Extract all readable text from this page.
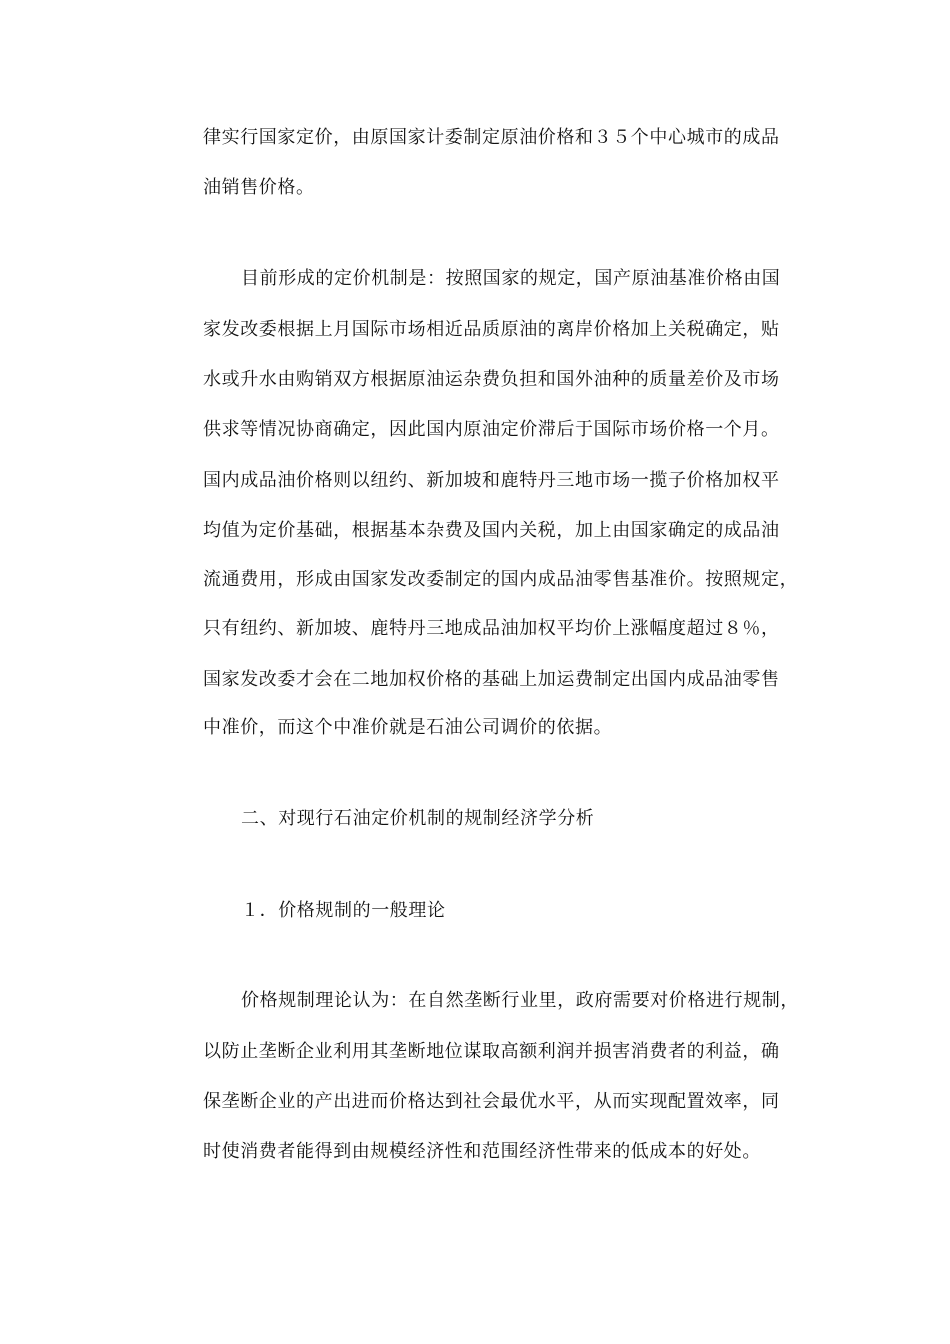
律实行国家定价，由原国家计委制定原油价格和３５个中心城市的成品
油销售价格。
目前形成的定价机制是：按照国家的规定，国产原油基准价格由国
家发改委根据上月国际市场相近品质原油的离岸价格加上关税确定，贴
水或升水由购销双方根据原油运杂费负担和国外油种的质量差价及市场
供求等情况协商确定，因此国内原油定价滞后于国际市场价格一个月。
国内成品油价格则以纽约、新加坡和鹿特丹三地市场一揽子价格加权平
均值为定价基础，根据基本杂费及国内关税，加上由国家确定的成品油
流通费用，形成由国家发改委制定的国内成品油零售基准价。按照规定，
只有纽约、新加坡、鹿特丹三地成品油加权平均价上涨幅度超过８％，
国家发改委才会在二地加权价格的基础上加运费制定出国内成品油零售
中准价，而这个中准价就是石油公司调价的依据。
二、对现行石油定价机制的规制经济学分析
１．价格规制的一般理论
价格规制理论认为：在自然垄断行业里，政府需要对价格进行规制，
以防止垄断企业利用其垄断地位谋取高额利润并损害消费者的利益，确
保垄断企业的产出进而价格达到社会最优水平，从而实现配置效率，同
时使消费者能得到由规模经济性和范围经济性带来的低成本的好处。
